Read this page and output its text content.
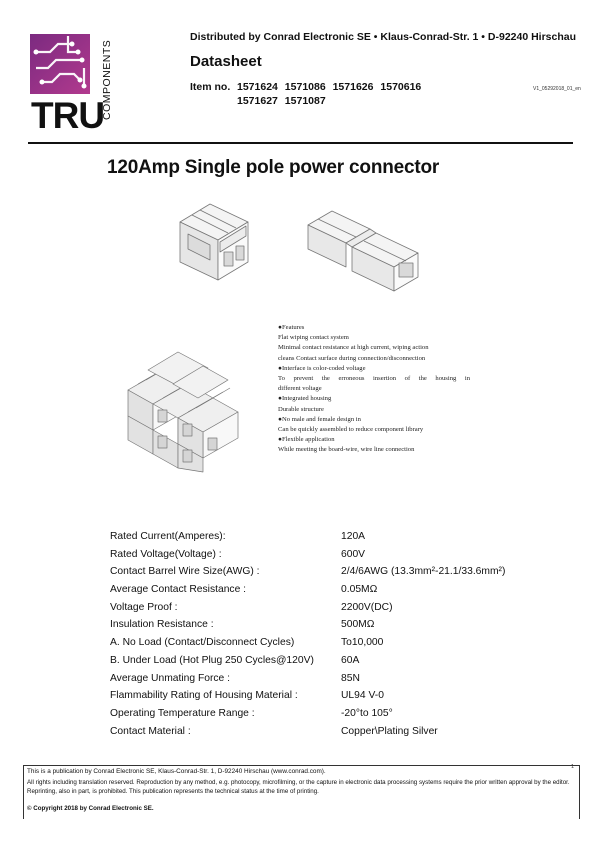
TRU
COMPONENTS
Distributed by Conrad Electronic SE • Klaus-Conrad-Str. 1 • D-92240 Hirschau
Datasheet
Item no. 1571624 1571086 1571626 1570616
1571627 1571087
V1_05292018_01_en
120Amp Single pole power connector
●Features
Flat wiping contact system
Minimal contact resistance at high current, wiping action
cleans Contact surface during connection/disconnection
●Interface is color-coded voltage
To prevent the erroneous insertion of the housing in
different voltage
●Integrated housing
Durable structure
●No male and female design in
Can be quickly assembled to reduce component library
●Flexible application
While meeting the board-wire, wire line connection
Rated Current(Amperes):	120A
Rated Voltage(Voltage) :	600V
Contact Barrel Wire Size(AWG) :	2/4/6AWG (13.3mm²-21.1/33.6mm²)
Average Contact Resistance :	0.05MΩ
Voltage Proof :	2200V(DC)
Insulation Resistance :	500MΩ
A. No Load (Contact/Disconnect Cycles)	To10,000
B. Under Load (Hot Plug 250 Cycles@120V)	60A
Average Unmating Force :	85N
Flammability Rating of Housing Material :	UL94 V-0
Operating Temperature Range :	-20°to 105°
Contact Material :	Copper\Plating Silver
This is a publication by Conrad Electronic SE, Klaus-Conrad-Str. 1, D-92240 Hirschau (www.conrad.com).
All rights including translation reserved. Reproduction by any method, e.g. photocopy, microfilming, or the capture in electronic data processing systems require the prior written approval by the editor. Reprinting, also in part, is prohibited. This publication represents the technical status at the time of printing.
© Copyright 2018 by Conrad Electronic SE.
1
